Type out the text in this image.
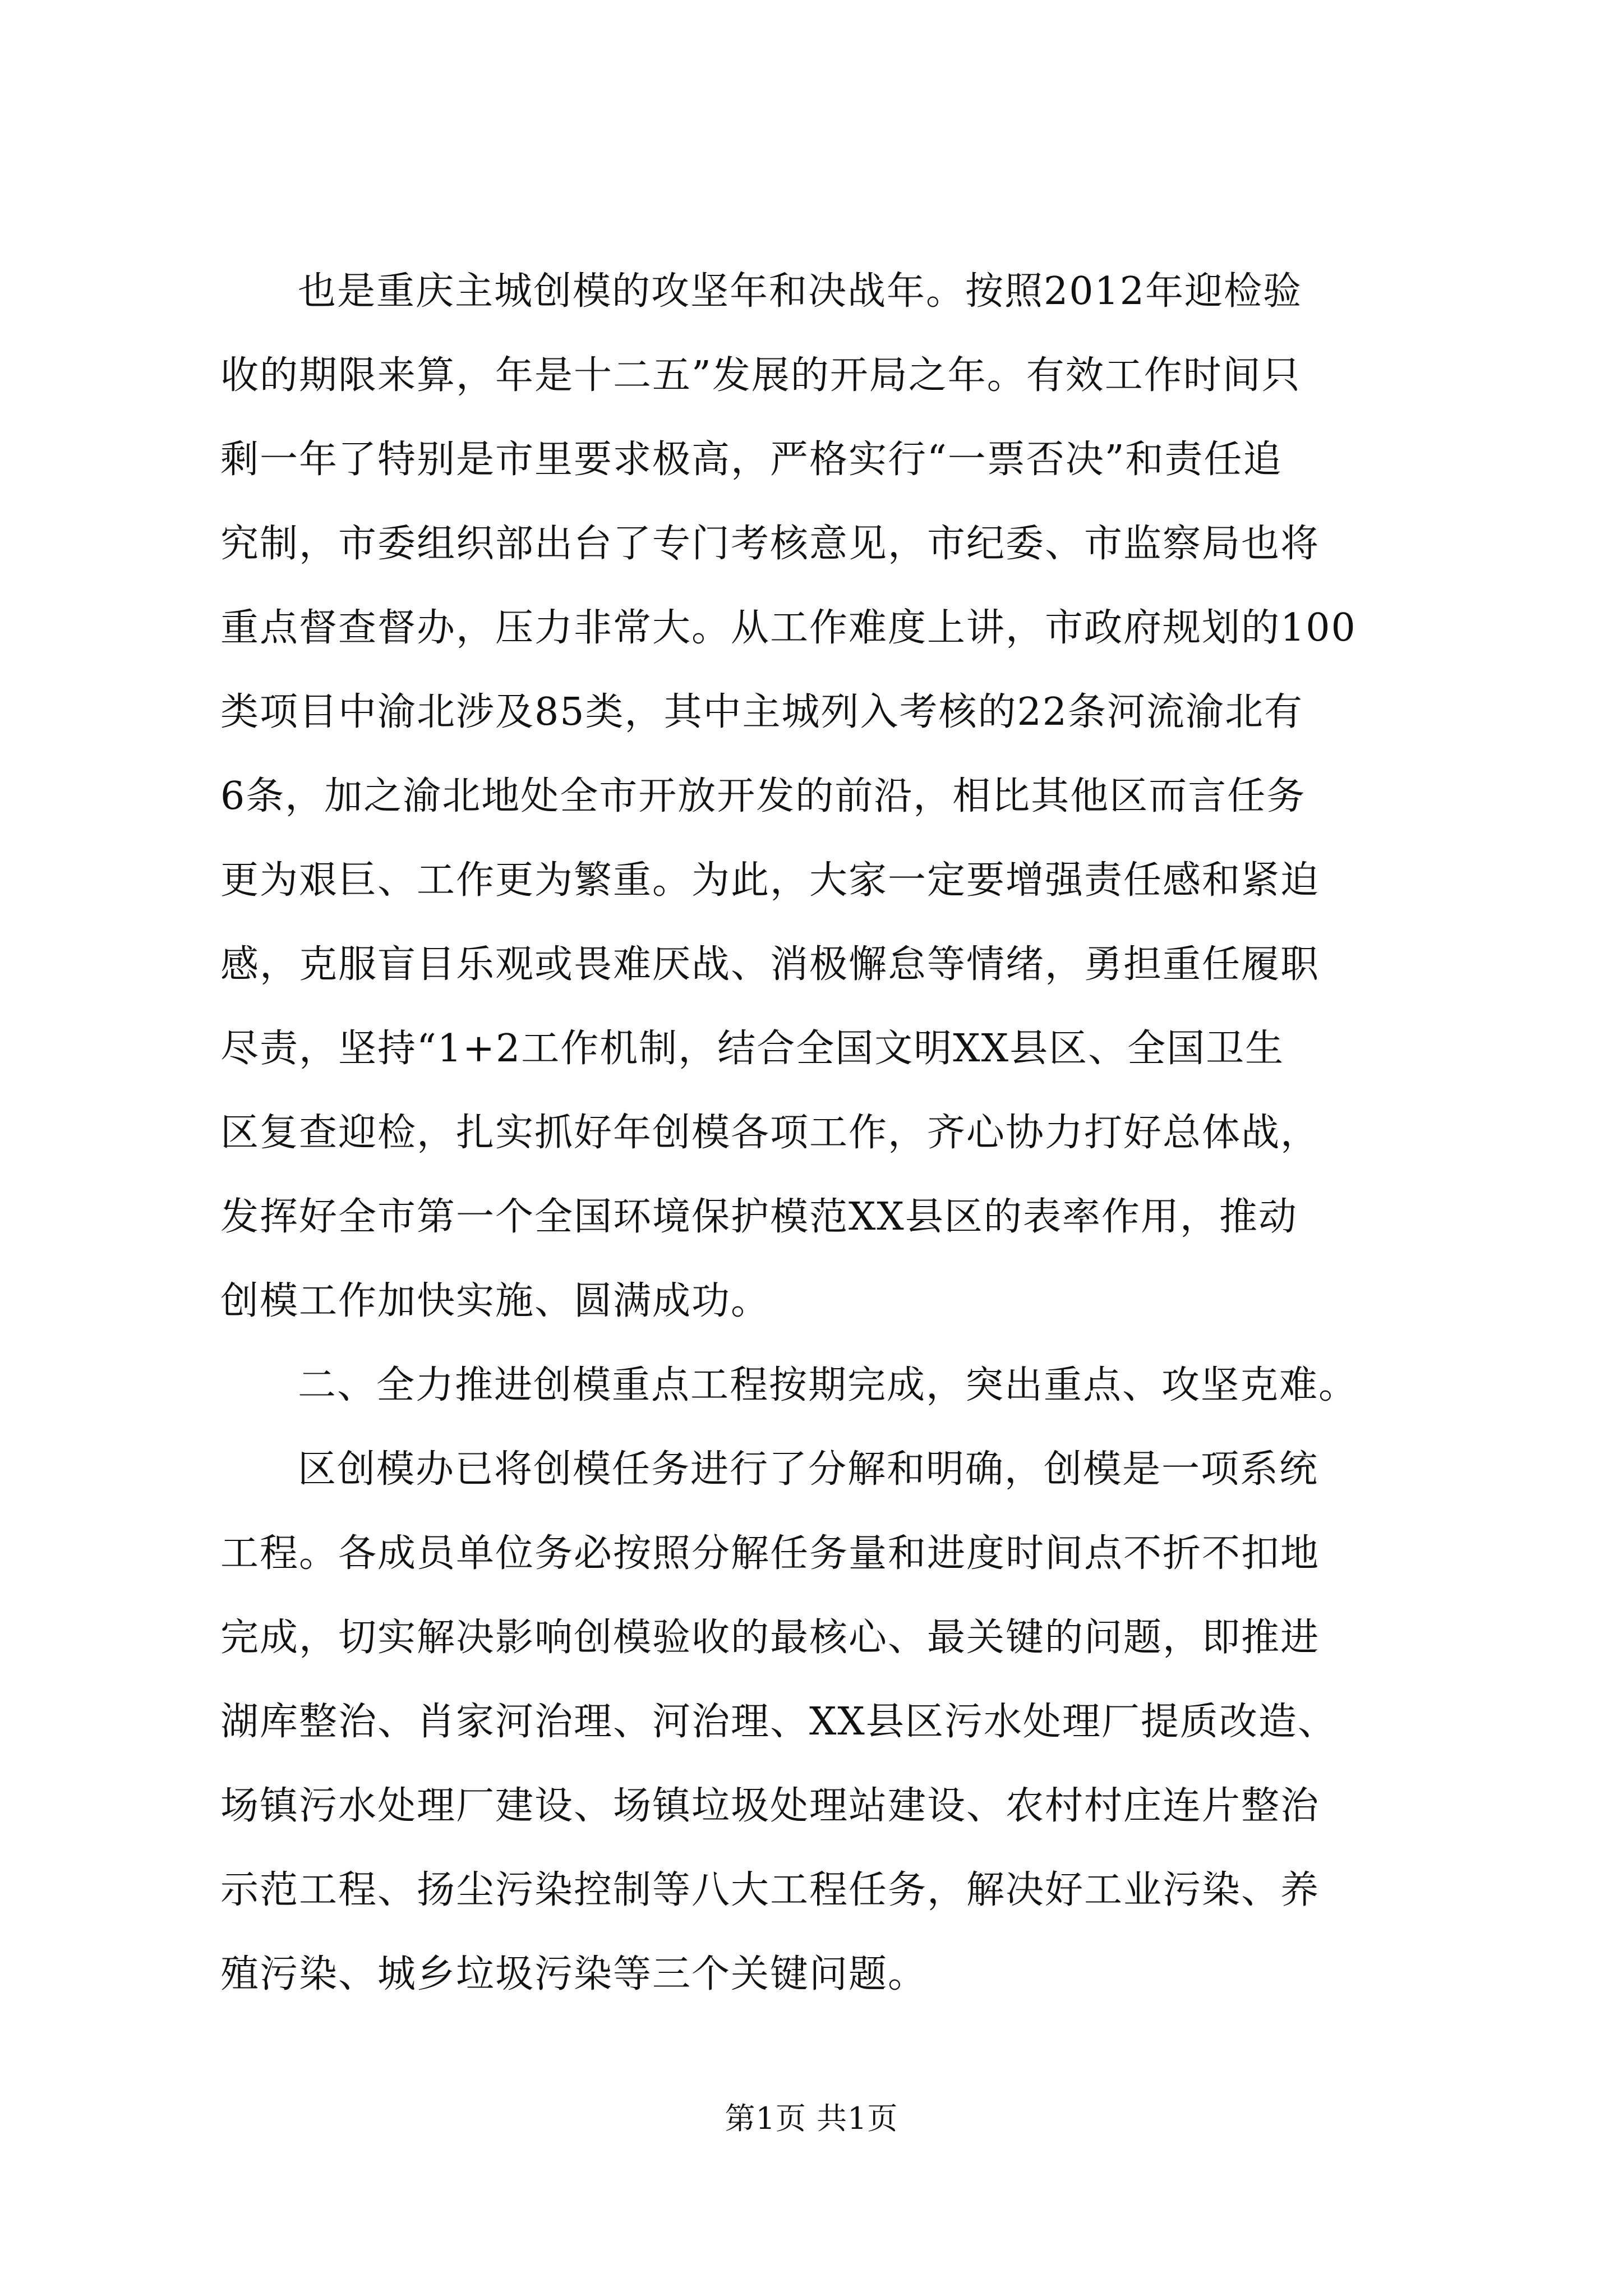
也是重庆主城创模的攻坚年和决战年。按照2012年迎检验
收的期限来算，年是十二五”发展的开局之年。有效工作时间只
剩一年了特别是市里要求极高，严格实行“一票否决”和责任追
究制，市委组织部出台了专门考核意见，市纪委、市监察局也将
重点督查督办，压力非常大。从工作难度上讲，市政府规划的100
类项目中渝北涉及85类，其中主城列入考核的22条河流渝北有
6条，加之渝北地处全市开放开发的前沿，相比其他区而言任务
更为艰巨、工作更为繁重。为此，大家一定要增强责任感和紧迫
感，克服盲目乐观或畏难厌战、消极懈怠等情绪，勇担重任履职
尽责，坚持“1+2工作机制，结合全国文明XX县区、全国卫生
区复查迎检，扎实抓好年创模各项工作，齐心协力打好总体战，
发挥好全市第一个全国环境保护模范XX县区的表率作用，推动
创模工作加快实施、圆满成功。
二、全力推进创模重点工程按期完成，突出重点、攻坚克难。
区创模办已将创模任务进行了分解和明确，创模是一项系统
工程。各成员单位务必按照分解任务量和进度时间点不折不扣地
完成，切实解决影响创模验收的最核心、最关键的问题，即推进
湖库整治、肖家河治理、河治理、XX县区污水处理厂提质改造、
场镇污水处理厂建设、场镇垃圾处理站建设、农村村庄连片整治
示范工程、扬尘污染控制等八大工程任务，解决好工业污染、养
殖污染、城乡垃圾污染等三个关键问题。
第1页 共1页
